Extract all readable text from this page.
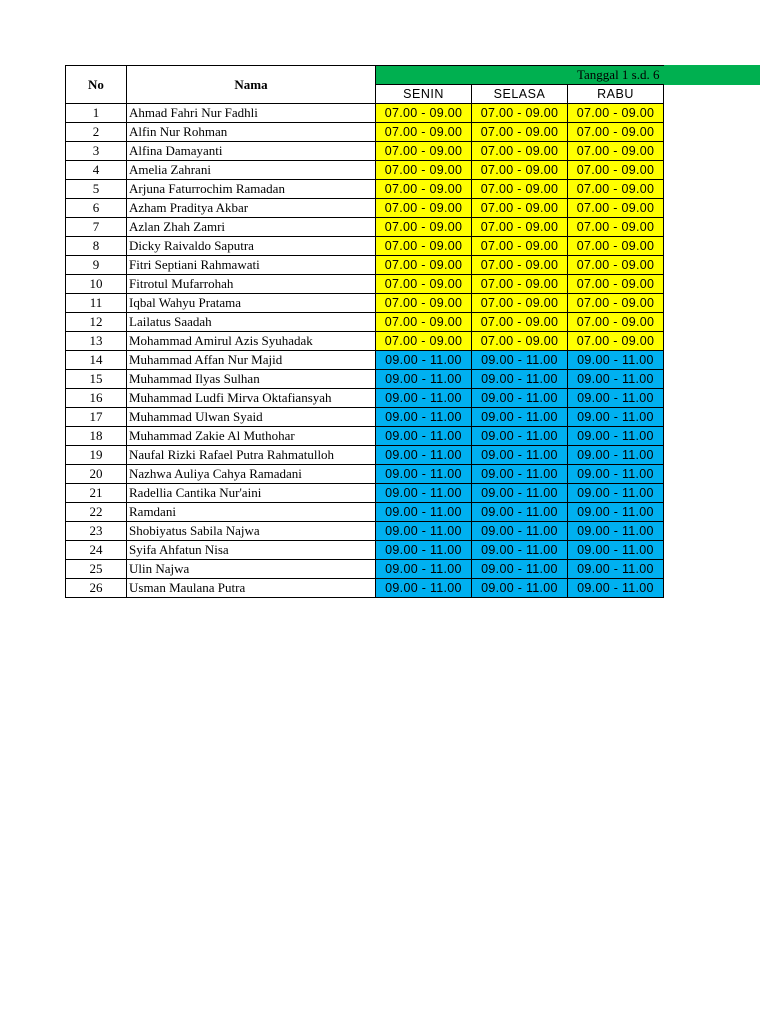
No	Nama	Tanggal 1 s.d. 6		
		SENIN	SELASA	RABU
1	Ahmad Fahri Nur Fadhli	07.00 - 09.00	07.00 - 09.00	07.00 - 09.00
2	Alfin Nur Rohman	07.00 - 09.00	07.00 - 09.00	07.00 - 09.00
3	Alfina Damayanti	07.00 - 09.00	07.00 - 09.00	07.00 - 09.00
4	Amelia Zahrani	07.00 - 09.00	07.00 - 09.00	07.00 - 09.00
5	Arjuna Faturrochim Ramadan	07.00 - 09.00	07.00 - 09.00	07.00 - 09.00
6	Azham Praditya Akbar	07.00 - 09.00	07.00 - 09.00	07.00 - 09.00
7	Azlan Zhah Zamri	07.00 - 09.00	07.00 - 09.00	07.00 - 09.00
8	Dicky Raivaldo Saputra	07.00 - 09.00	07.00 - 09.00	07.00 - 09.00
9	Fitri Septiani Rahmawati	07.00 - 09.00	07.00 - 09.00	07.00 - 09.00
10	Fitrotul Mufarrohah	07.00 - 09.00	07.00 - 09.00	07.00 - 09.00
11	Iqbal Wahyu Pratama	07.00 - 09.00	07.00 - 09.00	07.00 - 09.00
12	Lailatus Saadah	07.00 - 09.00	07.00 - 09.00	07.00 - 09.00
13	Mohammad Amirul Azis Syuhadak	07.00 - 09.00	07.00 - 09.00	07.00 - 09.00
14	Muhammad Affan Nur Majid	09.00 - 11.00	09.00 - 11.00	09.00 - 11.00
15	Muhammad Ilyas Sulhan	09.00 - 11.00	09.00 - 11.00	09.00 - 11.00
16	Muhammad Ludfi Mirva Oktafiansyah	09.00 - 11.00	09.00 - 11.00	09.00 - 11.00
17	Muhammad Ulwan Syaid	09.00 - 11.00	09.00 - 11.00	09.00 - 11.00
18	Muhammad Zakie Al Muthohar	09.00 - 11.00	09.00 - 11.00	09.00 - 11.00
19	Naufal Rizki Rafael Putra Rahmatulloh	09.00 - 11.00	09.00 - 11.00	09.00 - 11.00
20	Nazhwa Auliya Cahya Ramadani	09.00 - 11.00	09.00 - 11.00	09.00 - 11.00
21	Radellia Cantika Nur'aini	09.00 - 11.00	09.00 - 11.00	09.00 - 11.00
22	Ramdani	09.00 - 11.00	09.00 - 11.00	09.00 - 11.00
23	Shobiyatus Sabila Najwa	09.00 - 11.00	09.00 - 11.00	09.00 - 11.00
24	Syifa Ahfatun Nisa	09.00 - 11.00	09.00 - 11.00	09.00 - 11.00
25	Ulin Najwa	09.00 - 11.00	09.00 - 11.00	09.00 - 11.00
26	Usman Maulana Putra	09.00 - 11.00	09.00 - 11.00	09.00 - 11.00
